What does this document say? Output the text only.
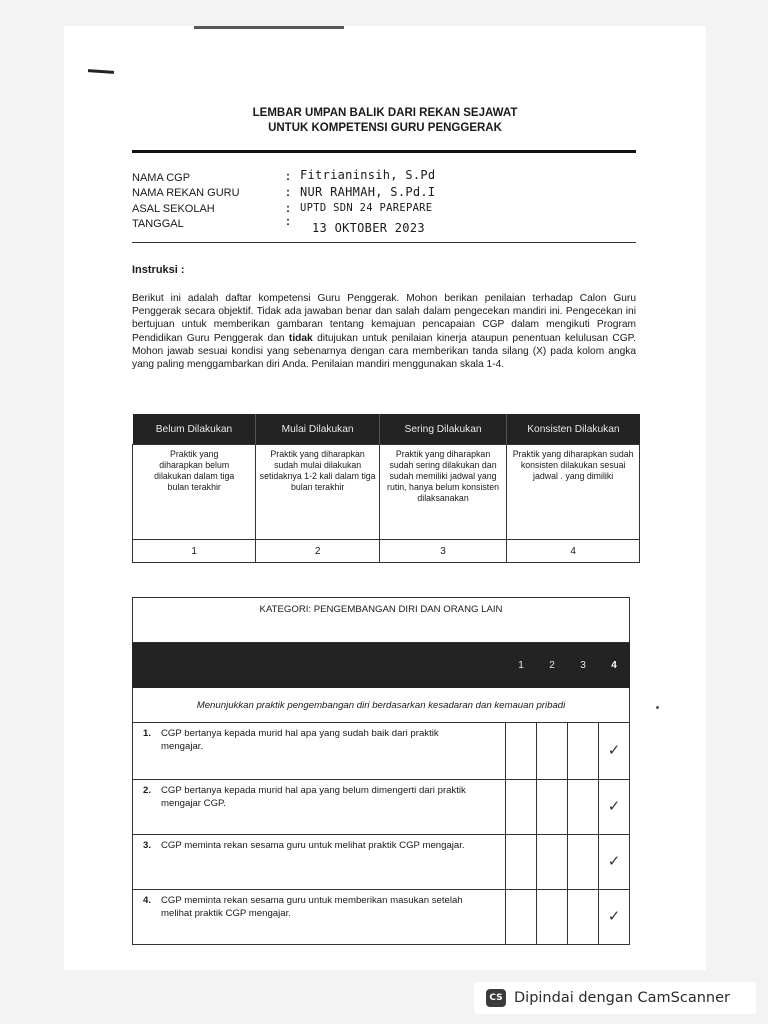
LEMBAR UMPAN BALIK DARI REKAN SEJAWAT
UNTUK KOMPETENSI GURU PENGGERAK
NAMA CGP	: Fitrianinsih, S.Pd
NAMA REKAN GURU	: NUR RAHMAH, S.Pd.I
ASAL SEKOLAH	: UPTD SDN 24 PAREPARE
TANGGAL	: 13 OKTOBER 2023
Instruksi :
Berikut ini adalah daftar kompetensi Guru Penggerak. Mohon berikan penilaian terhadap Calon Guru Penggerak secara objektif. Tidak ada jawaban benar dan salah dalam pengecekan mandiri ini. Pengecekan ini bertujuan untuk memberikan gambaran tentang kemajuan pencapaian CGP dalam mengikuti Program Pendidikan Guru Penggerak dan tidak ditujukan untuk penilaian kinerja ataupun penentuan kelulusan CGP. Mohon jawab sesuai kondisi yang sebenarnya dengan cara memberikan tanda silang (X) pada kolom angka yang paling menggambarkan diri Anda. Penilaian mandiri menggunakan skala 1-4.
Belum Dilakukan	Mulai Dilakukan	Sering Dilakukan	Konsisten Dilakukan

Praktik yang diharapkan belum dilakukan dalam tiga bulan terakhir	Praktik yang diharapkan sudah mulai dilakukan setidaknya 1-2 kali dalam tiga bulan terakhir	Praktik yang diharapkan sudah sering dilakukan dan sudah memiliki jadwal yang rutin, hanya belum konsisten dilaksanakan	Praktik yang diharapkan sudah konsisten dilakukan sesuai jadwal . yang dimiliki

1	2	3	4
KATEGORI: PENGEMBANGAN DIRI DAN ORANG LAIN				
	1	2	3	4
Menunjukkan praktik pengembangan diri berdasarkan kesadaran dan kemauan pribadi				
1. CGP bertanya kepada murid hal apa yang sudah baik dari praktik mengajar.				✓
2. CGP bertanya kepada murid hal apa yang belum dimengerti dari praktik mengajar CGP.				✓
3. CGP meminta rekan sesama guru untuk melihat praktik CGP mengajar.				✓
4. CGP meminta rekan sesama guru untuk memberikan masukan setelah melihat praktik CGP mengajar.				✓
CS Dipindai dengan CamScanner
